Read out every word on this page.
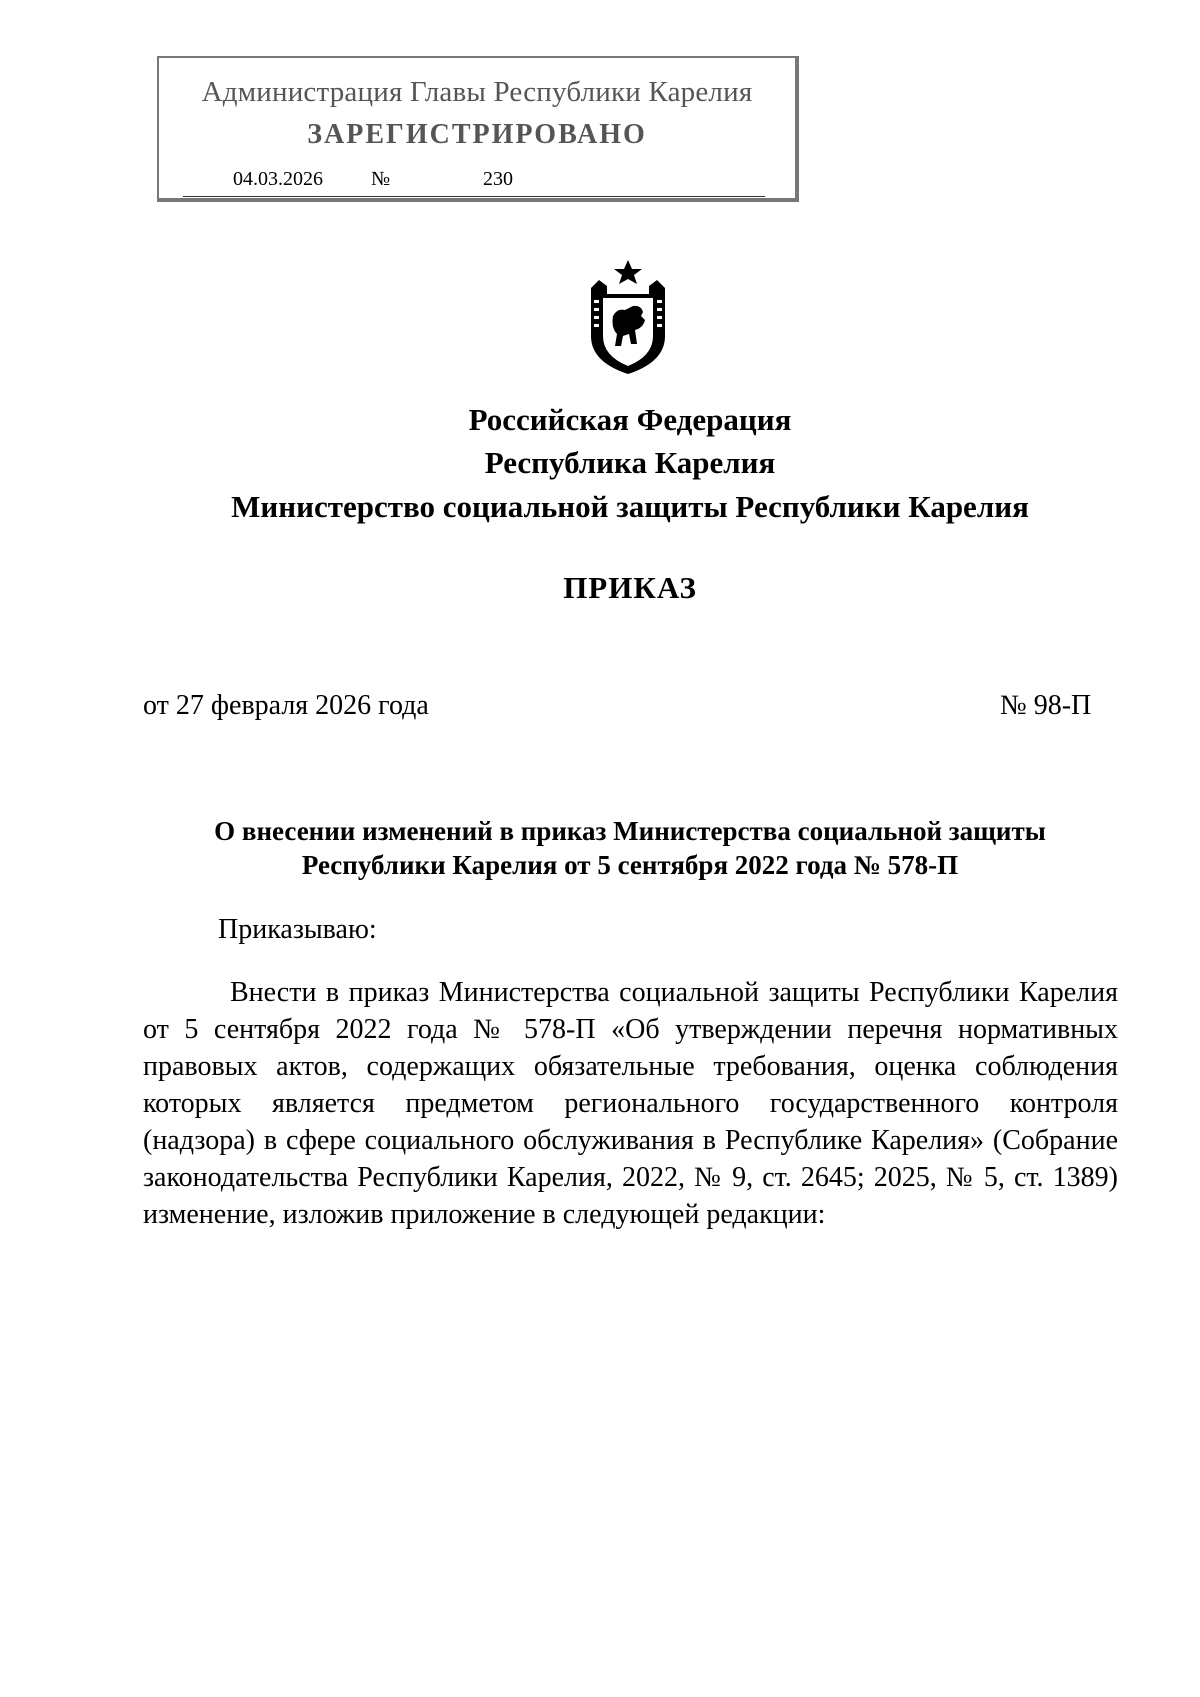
Администрация Главы Республики Карелия
ЗАРЕГИСТРИРОВАНО
04.03.2026 №	230
Российская Федерация
Республика Карелия
Министерство социальной защиты Республики Карелия
ПРИКАЗ
от 27 февраля 2026 года	№ 98-П
О внесении изменений в приказ Министерства социальной защиты
Республики Карелия от 5 сентября 2022 года № 578-П
Приказываю:

Внести в приказ Министерства социальной защиты Республики Карелия от 5 сентября 2022 года № 578-П «Об утверждении перечня нормативных правовых актов, содержащих обязательные требования, оценка соблюдения которых является предметом регионального государственного контроля (надзора) в сфере социального обслуживания в Республике Карелия» (Собрание законодательства Республики Карелия, 2022, № 9, ст. 2645; 2025, № 5, ст. 1389) изменение, изложив приложение в следующей редакции:
